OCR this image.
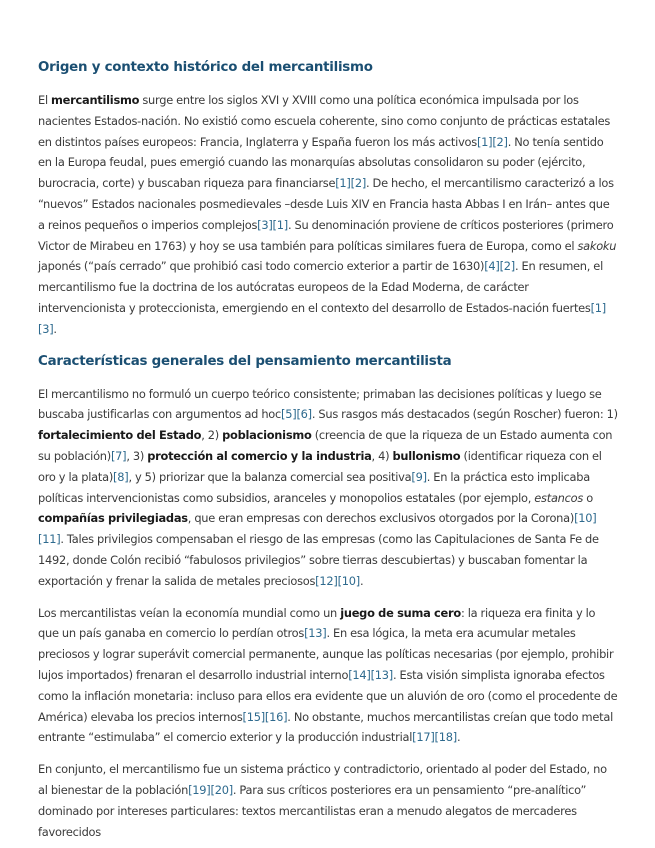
Origen y contexto histórico del mercantilismo

El mercantilismo surge entre los siglos XVI y XVIII como una política económica impulsada por los nacientes Estados-nación. No existió como escuela coherente, sino como conjunto de prácticas estatales en distintos países europeos: Francia, Inglaterra y España fueron los más activos[1][2]. No tenía sentido en la Europa feudal, pues emergió cuando las monarquías absolutas consolidaron su poder (ejército, burocracia, corte) y buscaban riqueza para financiarse[1][2]. De hecho, el mercantilismo caracterizó a los “nuevos” Estados nacionales posmedievales –desde Luis XIV en Francia hasta Abbas I en Irán– antes que a reinos pequeños o imperios complejos[3][1]. Su denominación proviene de críticos posteriores (primero Victor de Mirabeu en 1763) y hoy se usa también para políticas similares fuera de Europa, como el sakoku japonés (“país cerrado” que prohibió casi todo comercio exterior a partir de 1630)[4][2]. En resumen, el mercantilismo fue la doctrina de los autócratas europeos de la Edad Moderna, de carácter intervencionista y proteccionista, emergiendo en el contexto del desarrollo de Estados-nación fuertes[1][3].

Características generales del pensamiento mercantilista

El mercantilismo no formuló un cuerpo teórico consistente; primaban las decisiones políticas y luego se buscaba justificarlas con argumentos ad hoc[5][6]. Sus rasgos más destacados (según Roscher) fueron: 1) fortalecimiento del Estado, 2) poblacionismo (creencia de que la riqueza de un Estado aumenta con su población)[7], 3) protección al comercio y la industria, 4) bullonismo (identificar riqueza con el oro y la plata)[8], y 5) priorizar que la balanza comercial sea positiva[9]. En la práctica esto implicaba políticas intervencionistas como subsidios, aranceles y monopolios estatales (por ejemplo, estancos o compañías privilegiadas, que eran empresas con derechos exclusivos otorgados por la Corona)[10][11]. Tales privilegios compensaban el riesgo de las empresas (como las Capitulaciones de Santa Fe de 1492, donde Colón recibió “fabulosos privilegios” sobre tierras descubiertas) y buscaban fomentar la exportación y frenar la salida de metales preciosos[12][10].

Los mercantilistas veían la economía mundial como un juego de suma cero: la riqueza era finita y lo que un país ganaba en comercio lo perdían otros[13]. En esa lógica, la meta era acumular metales preciosos y lograr superávit comercial permanente, aunque las políticas necesarias (por ejemplo, prohibir lujos importados) frenaran el desarrollo industrial interno[14][13]. Esta visión simplista ignoraba efectos como la inflación monetaria: incluso para ellos era evidente que un aluvión de oro (como el procedente de América) elevaba los precios internos[15][16]. No obstante, muchos mercantilistas creían que todo metal entrante “estimulaba” el comercio exterior y la producción industrial[17][18].

En conjunto, el mercantilismo fue un sistema práctico y contradictorio, orientado al poder del Estado, no al bienestar de la población[19][20]. Para sus críticos posteriores era un pensamiento “pre-analítico” dominado por intereses particulares: textos mercantilistas eran a menudo alegatos de mercaderes favorecidos
